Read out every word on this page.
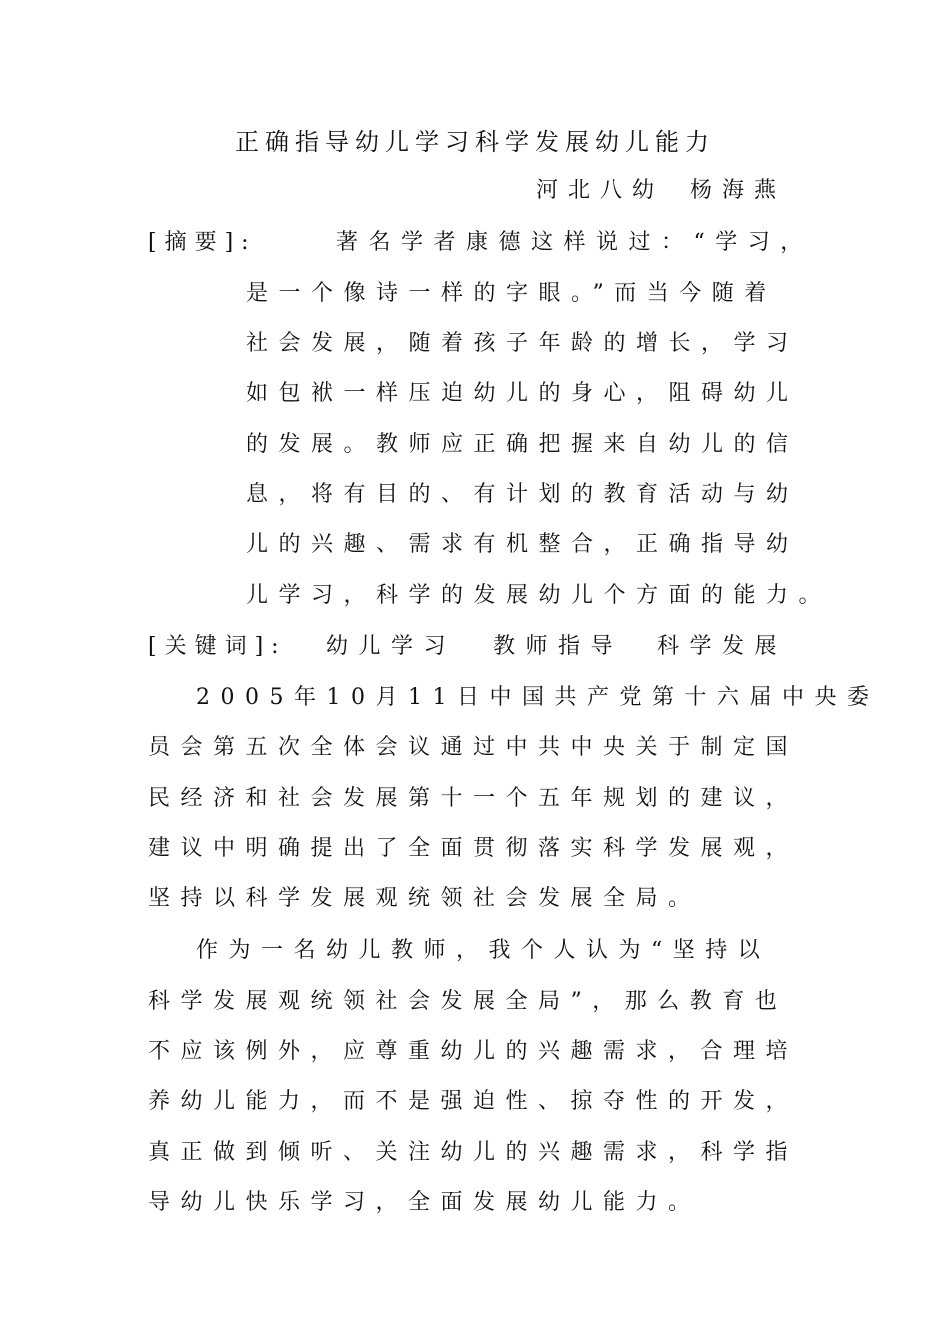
正确指导幼儿学习科学发展幼儿能力
河北八幼 杨海燕
[摘要]:	著名学者康德这样说过：“学习，
是一个像诗一样的字眼。”而当今随着
社会发展，随着孩子年龄的增长，学习
如包袱一样压迫幼儿的身心，阻碍幼儿
的发展。教师应正确把握来自幼儿的信
息，将有目的、有计划的教育活动与幼
儿的兴趣、需求有机整合，正确指导幼
儿学习，科学的发展幼儿个方面的能力。
[关键词]: 幼儿学习 教师指导 科学发展
2005年10月11日中国共产党第十六届中央委
员会第五次全体会议通过中共中央关于制定国
民经济和社会发展第十一个五年规划的建议，
建议中明确提出了全面贯彻落实科学发展观，
坚持以科学发展观统领社会发展全局。
作为一名幼儿教师，我个人认为“坚持以
科学发展观统领社会发展全局”，那么教育也
不应该例外，应尊重幼儿的兴趣需求，合理培
养幼儿能力，而不是强迫性、掠夺性的开发，
真正做到倾听、关注幼儿的兴趣需求，科学指
导幼儿快乐学习，全面发展幼儿能力。
